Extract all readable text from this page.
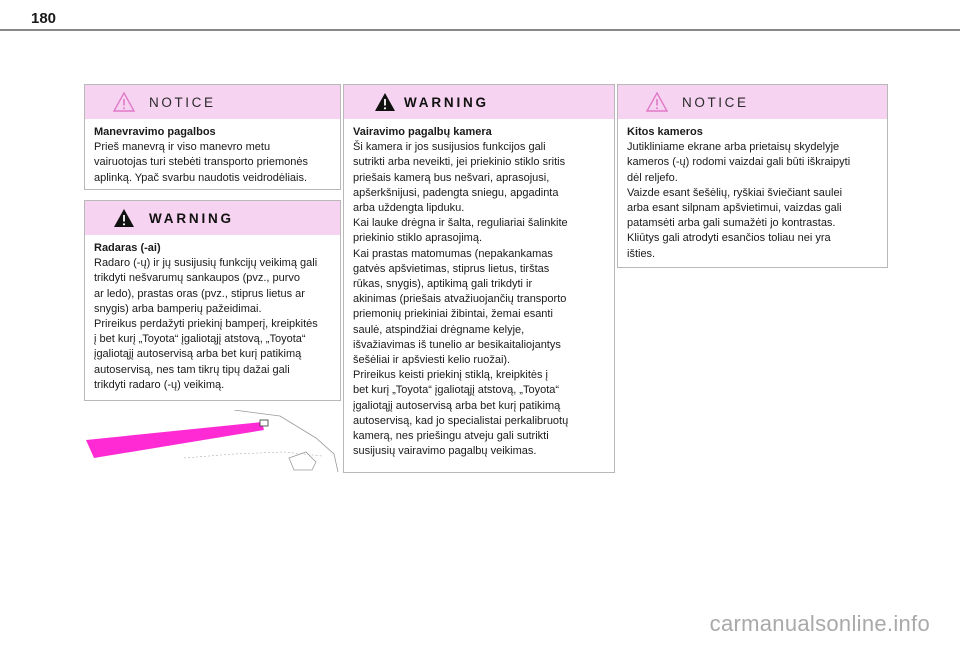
180
NOTICE

Manevravimo pagalbos

Prieš manevrą ir viso manevro metu

vairuotojas turi stebėti transporto priemonės

aplinką. Ypač svarbu naudotis veidrodėliais.

WARNING

Radaras (-ai)

Radaro (-ų) ir jų susijusių funkcijų veikimą gali

trikdyti nešvarumų sankaupos (pvz., purvo

ar ledo), prastas oras (pvz., stiprus lietus ar

snygis) arba bamperių pažeidimai.

Prireikus perdažyti priekinį bamperį, kreipkitės

į bet kurį „Toyota“ įgaliotąjį atstovą, „Toyota“

įgaliotąjį autoservisą arba bet kurį patikimą

autoservisą, nes tam tikrų tipų dažai gali

trikdyti radaro (-ų) veikimą.

WARNING

Vairavimo pagalbų kamera

Ši kamera ir jos susijusios funkcijos gali

sutrikti arba neveikti, jei priekinio stiklo sritis

priešais kamerą bus nešvari, aprasojusi,

apšerkšnijusi, padengta sniegu, apgadinta

arba uždengta lipduku.

Kai lauke drėgna ir šalta, reguliariai šalinkite

priekinio stiklo aprasojimą.

Kai prastas matomumas (nepakankamas

gatvės apšvietimas, stiprus lietus, tirštas

rūkas, snygis), aptikimą gali trikdyti ir

akinimas (priešais atvažiuojančių transporto

priemonių priekiniai žibintai, žemai esanti

saulė, atspindžiai drėgname kelyje,

išvažiavimas iš tunelio ar besikaitaliojantys

šešėliai ir apšviesti kelio ruožai).

Prireikus keisti priekinį stiklą, kreipkitės į

bet kurį „Toyota“ įgaliotąjį atstovą, „Toyota“

įgaliotąjį autoservisą arba bet kurį patikimą

autoservisą, kad jo specialistai perkalibruotų

kamerą, nes priešingu atveju gali sutrikti

susijusių vairavimo pagalbų veikimas.

NOTICE

Kitos kameros

Jutikliniame ekrane arba prietaisų skydelyje

kameros (-ų) rodomi vaizdai gali būti iškraipyti

dėl reljefo.

Vaizde esant šešėlių, ryškiai šviečiant saulei

arba esant silpnam apšvietimui, vaizdas gali

patamsėti arba gali sumažėti jo kontrastas.

Kliūtys gali atrodyti esančios toliau nei yra

išties.

carmanualsonline.info
